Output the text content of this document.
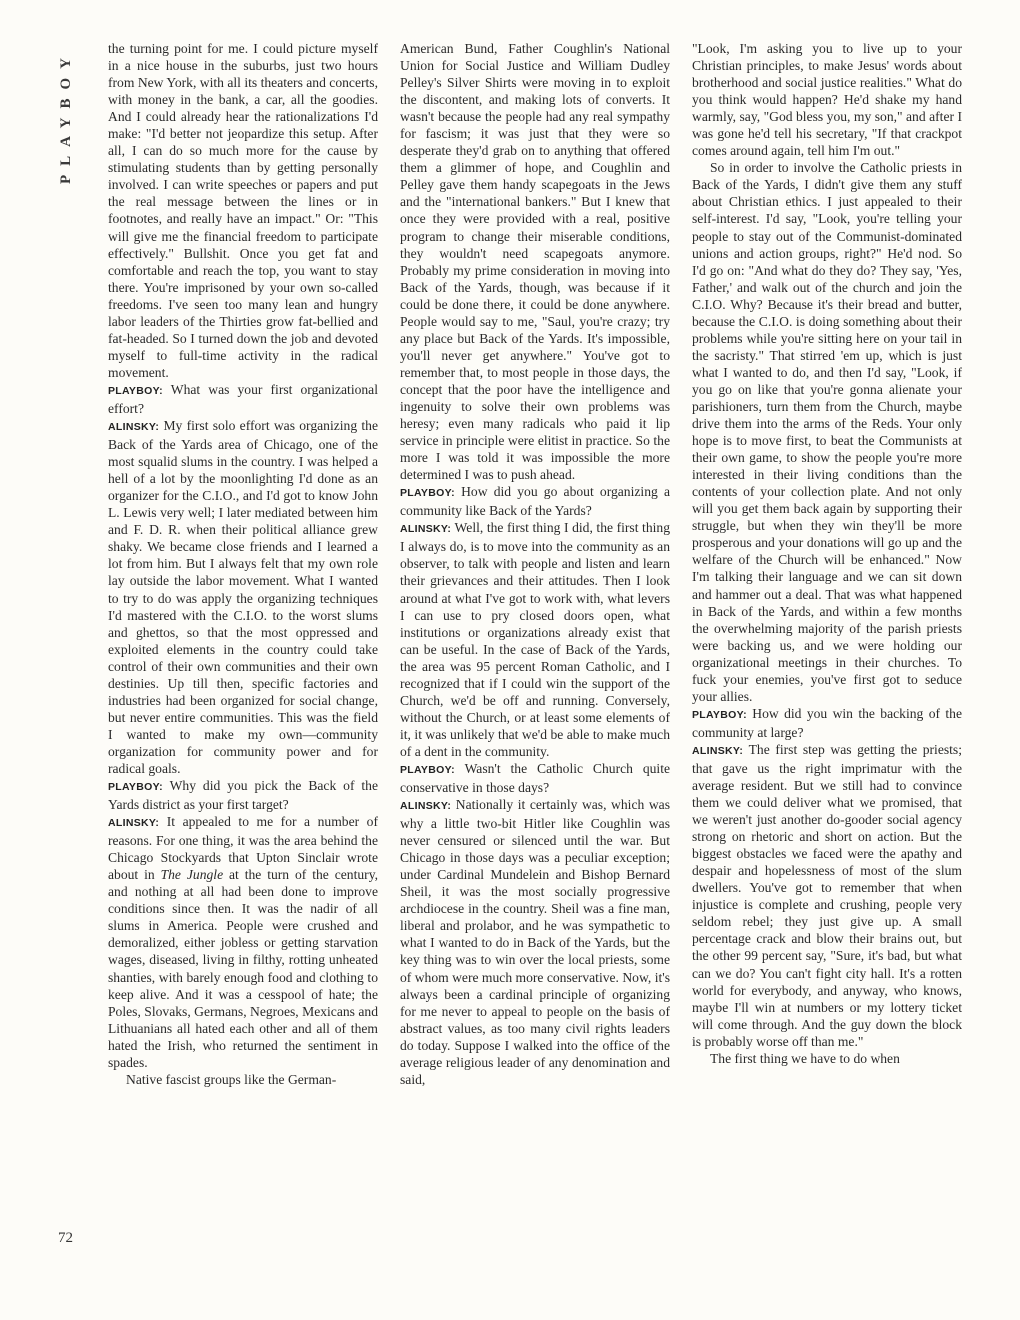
PLAYBOY

the turning point for me. I could picture myself in a nice house in the suburbs, just two hours from New York, with all its theaters and concerts, with money in the bank, a car, all the goodies. And I could already hear the rationalizations I'd make: "I'd better not jeopardize this setup. After all, I can do so much more for the cause by stimulating students than by getting personally involved. I can write speeches or papers and put the real message between the lines or in footnotes, and really have an impact." Or: "This will give me the financial freedom to participate effectively." Bullshit. Once you get fat and comfortable and reach the top, you want to stay there. You're imprisoned by your own so-called freedoms. I've seen too many lean and hungry labor leaders of the Thirties grow fat-bellied and fat-headed. So I turned down the job and devoted myself to full-time activity in the radical movement.

PLAYBOY: What was your first organizational effort?

ALINSKY: My first solo effort was organizing the Back of the Yards area of Chicago, one of the most squalid slums in the country. I was helped a hell of a lot by the moonlighting I'd done as an organizer for the C.I.O., and I'd got to know John L. Lewis very well; I later mediated between him and F. D. R. when their political alliance grew shaky. We became close friends and I learned a lot from him. But I always felt that my own role lay outside the labor movement. What I wanted to try to do was apply the organizing techniques I'd mastered with the C.I.O. to the worst slums and ghettos, so that the most oppressed and exploited elements in the country could take control of their own communities and their own destinies. Up till then, specific factories and industries had been organized for social change, but never entire communities. This was the field I wanted to make my own—community organization for community power and for radical goals.

PLAYBOY: Why did you pick the Back of the Yards district as your first target?

ALINSKY: It appealed to me for a number of reasons. For one thing, it was the area behind the Chicago Stockyards that Upton Sinclair wrote about in The Jungle at the turn of the century, and nothing at all had been done to improve conditions since then. It was the nadir of all slums in America. People were crushed and demoralized, either jobless or getting starvation wages, diseased, living in filthy, rotting unheated shanties, with barely enough food and clothing to keep alive. And it was a cesspool of hate; the Poles, Slovaks, Germans, Negroes, Mexicans and Lithuanians all hated each other and all of them hated the Irish, who returned the sentiment in spades.

Native fascist groups like the German-

American Bund, Father Coughlin's National Union for Social Justice and William Dudley Pelley's Silver Shirts were moving in to exploit the discontent, and making lots of converts. It wasn't because the people had any real sympathy for fascism; it was just that they were so desperate they'd grab on to anything that offered them a glimmer of hope, and Coughlin and Pelley gave them handy scapegoats in the Jews and the "international bankers." But I knew that once they were provided with a real, positive program to change their miserable conditions, they wouldn't need scapegoats anymore. Probably my prime consideration in moving into Back of the Yards, though, was because if it could be done there, it could be done anywhere. People would say to me, "Saul, you're crazy; try any place but Back of the Yards. It's impossible, you'll never get anywhere." You've got to remember that, to most people in those days, the concept that the poor have the intelligence and ingenuity to solve their own problems was heresy; even many radicals who paid it lip service in principle were elitist in practice. So the more I was told it was impossible the more determined I was to push ahead.

PLAYBOY: How did you go about organizing a community like Back of the Yards?

ALINSKY: Well, the first thing I did, the first thing I always do, is to move into the community as an observer, to talk with people and listen and learn their grievances and their attitudes. Then I look around at what I've got to work with, what levers I can use to pry closed doors open, what institutions or organizations already exist that can be useful. In the case of Back of the Yards, the area was 95 percent Roman Catholic, and I recognized that if I could win the support of the Church, we'd be off and running. Conversely, without the Church, or at least some elements of it, it was unlikely that we'd be able to make much of a dent in the community.

PLAYBOY: Wasn't the Catholic Church quite conservative in those days?

ALINSKY: Nationally it certainly was, which was why a little two-bit Hitler like Coughlin was never censured or silenced until the war. But Chicago in those days was a peculiar exception; under Cardinal Mundelein and Bishop Bernard Sheil, it was the most socially progressive archdiocese in the country. Sheil was a fine man, liberal and prolabor, and he was sympathetic to what I wanted to do in Back of the Yards, but the key thing was to win over the local priests, some of whom were much more conservative. Now, it's always been a cardinal principle of organizing for me never to appeal to people on the basis of abstract values, as too many civil rights leaders do today. Suppose I walked into the office of the average religious leader of any denomination and said,

"Look, I'm asking you to live up to your Christian principles, to make Jesus' words about brotherhood and social justice realities." What do you think would happen? He'd shake my hand warmly, say, "God bless you, my son," and after I was gone he'd tell his secretary, "If that crackpot comes around again, tell him I'm out."

So in order to involve the Catholic priests in Back of the Yards, I didn't give them any stuff about Christian ethics. I just appealed to their self-interest. I'd say, "Look, you're telling your people to stay out of the Communist-dominated unions and action groups, right?" He'd nod. So I'd go on: "And what do they do? They say, 'Yes, Father,' and walk out of the church and join the C.I.O. Why? Because it's their bread and butter, because the C.I.O. is doing something about their problems while you're sitting here on your tail in the sacristy." That stirred 'em up, which is just what I wanted to do, and then I'd say, "Look, if you go on like that you're gonna alienate your parishioners, turn them from the Church, maybe drive them into the arms of the Reds. Your only hope is to move first, to beat the Communists at their own game, to show the people you're more interested in their living conditions than the contents of your collection plate. And not only will you get them back again by supporting their struggle, but when they win they'll be more prosperous and your donations will go up and the welfare of the Church will be enhanced." Now I'm talking their language and we can sit down and hammer out a deal. That was what happened in Back of the Yards, and within a few months the overwhelming majority of the parish priests were backing us, and we were holding our organizational meetings in their churches. To fuck your enemies, you've first got to seduce your allies.

PLAYBOY: How did you win the backing of the community at large?

ALINSKY: The first step was getting the priests; that gave us the right imprimatur with the average resident. But we still had to convince them we could deliver what we promised, that we weren't just another do-gooder social agency strong on rhetoric and short on action. But the biggest obstacles we faced were the apathy and despair and hopelessness of most of the slum dwellers. You've got to remember that when injustice is complete and crushing, people very seldom rebel; they just give up. A small percentage crack and blow their brains out, but the other 99 percent say, "Sure, it's bad, but what can we do? You can't fight city hall. It's a rotten world for everybody, and anyway, who knows, maybe I'll win at numbers or my lottery ticket will come through. And the guy down the block is probably worse off than me."

The first thing we have to do when

72
